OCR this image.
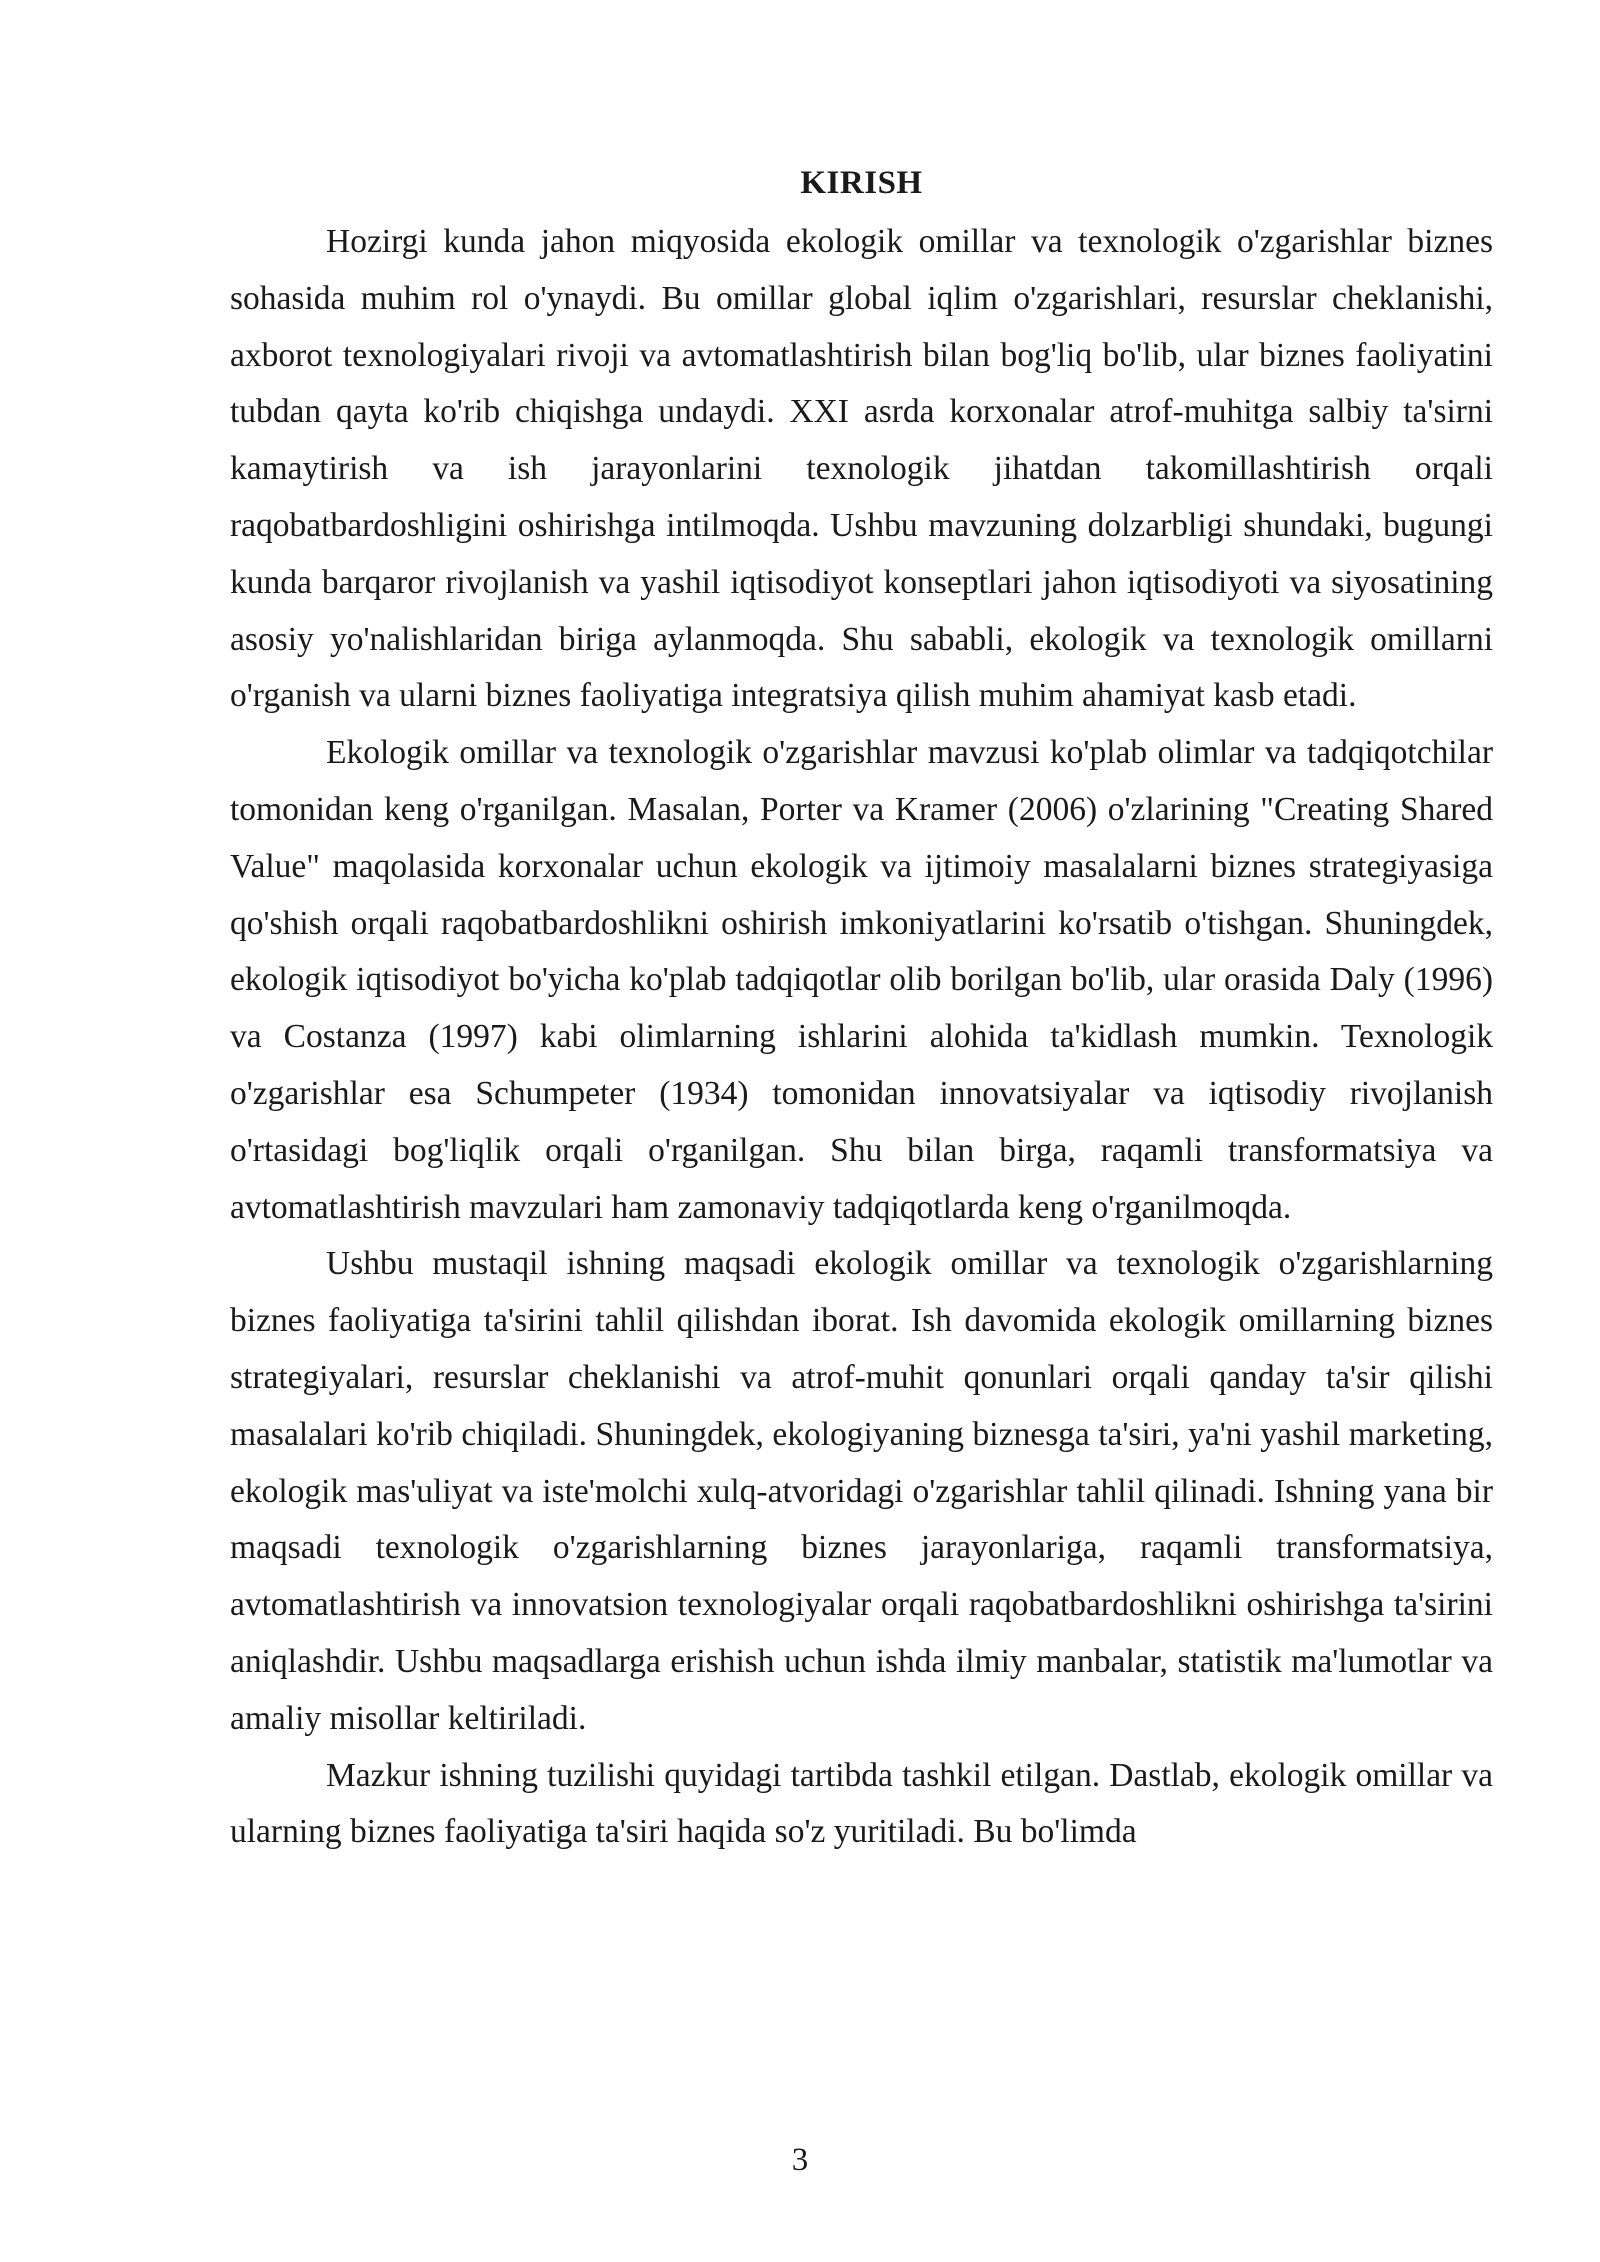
KIRISH

Hozirgi kunda jahon miqyosida ekologik omillar va texnologik o'zgarishlar biznes sohasida muhim rol o'ynaydi. Bu omillar global iqlim o'zgarishlari, resurslar cheklanishi, axborot texnologiyalari rivoji va avtomatlashtirish bilan bog'liq bo'lib, ular biznes faoliyatini tubdan qayta ko'rib chiqishga undaydi. XXI asrda korxonalar atrof-muhitga salbiy ta'sirni kamaytirish va ish jarayonlarini texnologik jihatdan takomillashtirish orqali raqobatbardoshligini oshirishga intilmoqda. Ushbu mavzuning dolzarbligi shundaki, bugungi kunda barqaror rivojlanish va yashil iqtisodiyot konseptlari jahon iqtisodiyoti va siyosatining asosiy yo'nalishlaridan biriga aylanmoqda. Shu sababli, ekologik va texnologik omillarni o'rganish va ularni biznes faoliyatiga integratsiya qilish muhim ahamiyat kasb etadi.

Ekologik omillar va texnologik o'zgarishlar mavzusi ko'plab olimlar va tadqiqotchilar tomonidan keng o'rganilgan. Masalan, Porter va Kramer (2006) o'zlarining "Creating Shared Value" maqolasida korxonalar uchun ekologik va ijtimoiy masalalarni biznes strategiyasiga qo'shish orqali raqobatbardoshlikni oshirish imkoniyatlarini ko'rsatib o'tishgan. Shuningdek, ekologik iqtisodiyot bo'yicha ko'plab tadqiqotlar olib borilgan bo'lib, ular orasida Daly (1996) va Costanza (1997) kabi olimlarning ishlarini alohida ta'kidlash mumkin. Texnologik o'zgarishlar esa Schumpeter (1934) tomonidan innovatsiyalar va iqtisodiy rivojlanish o'rtasidagi bog'liqlik orqali o'rganilgan. Shu bilan birga, raqamli transformatsiya va avtomatlashtirish mavzulari ham zamonaviy tadqiqotlarda keng o'rganilmoqda.

Ushbu mustaqil ishning maqsadi ekologik omillar va texnologik o'zgarishlarning biznes faoliyatiga ta'sirini tahlil qilishdan iborat. Ish davomida ekologik omillarning biznes strategiyalari, resurslar cheklanishi va atrof-muhit qonunlari orqali qanday ta'sir qilishi masalalari ko'rib chiqiladi. Shuningdek, ekologiyaning biznesga ta'siri, ya'ni yashil marketing, ekologik mas'uliyat va iste'molchi xulq-atvoridagi o'zgarishlar tahlil qilinadi. Ishning yana bir maqsadi texnologik o'zgarishlarning biznes jarayonlariga, raqamli transformatsiya, avtomatlashtirish va innovatsion texnologiyalar orqali raqobatbardoshlikni oshirishga ta'sirini aniqlashdir. Ushbu maqsadlarga erishish uchun ishda ilmiy manbalar, statistik ma'lumotlar va amaliy misollar keltiriladi.

Mazkur ishning tuzilishi quyidagi tartibda tashkil etilgan. Dastlab, ekologik omillar va ularning biznes faoliyatiga ta'siri haqida so'z yuritiladi. Bu bo'limda

3
